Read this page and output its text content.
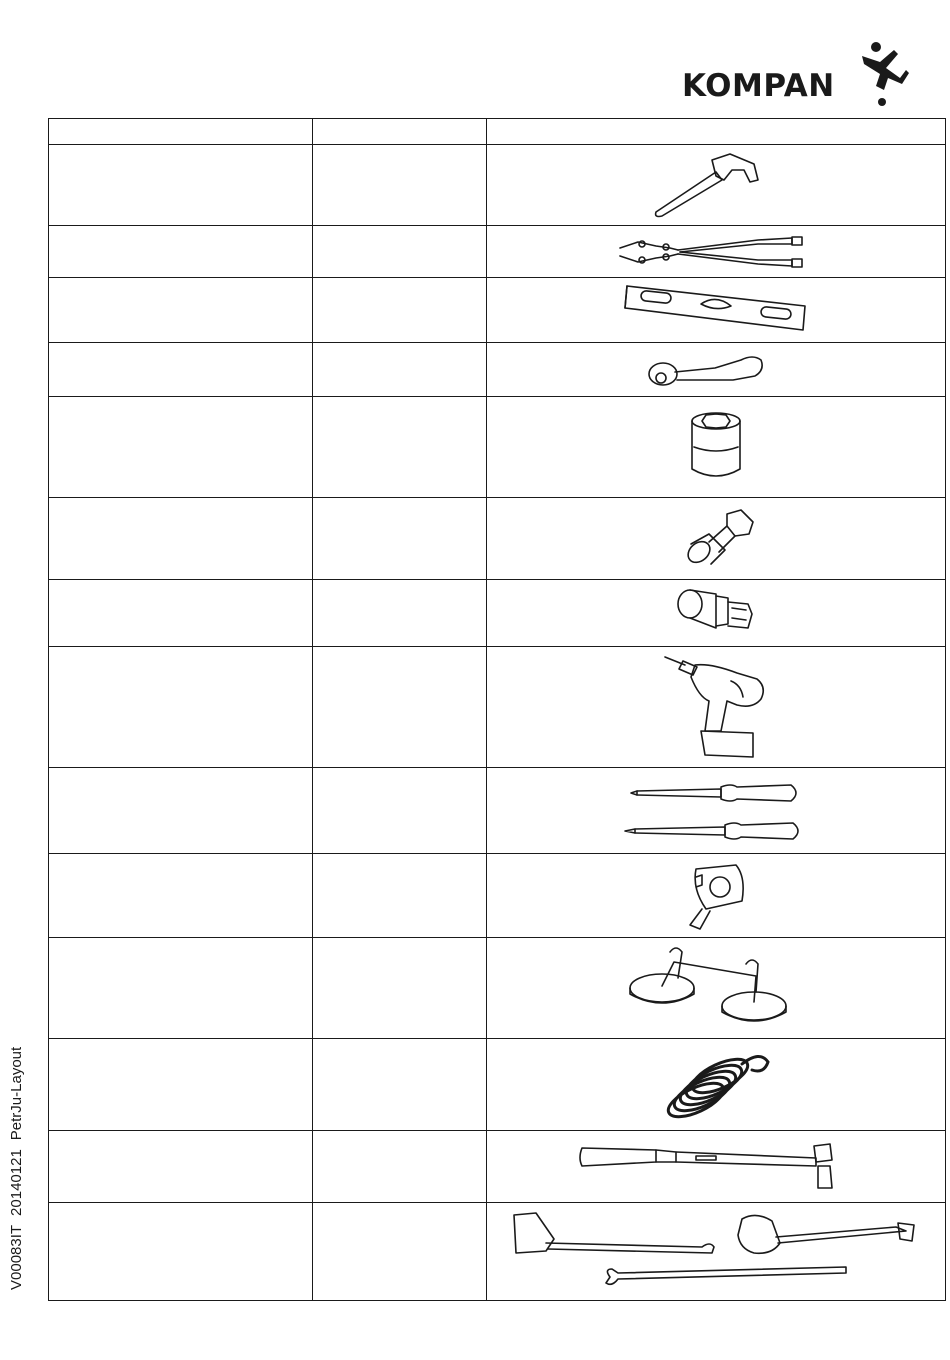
KOMPAN
V00083IT20140121PetrJu-Layout
